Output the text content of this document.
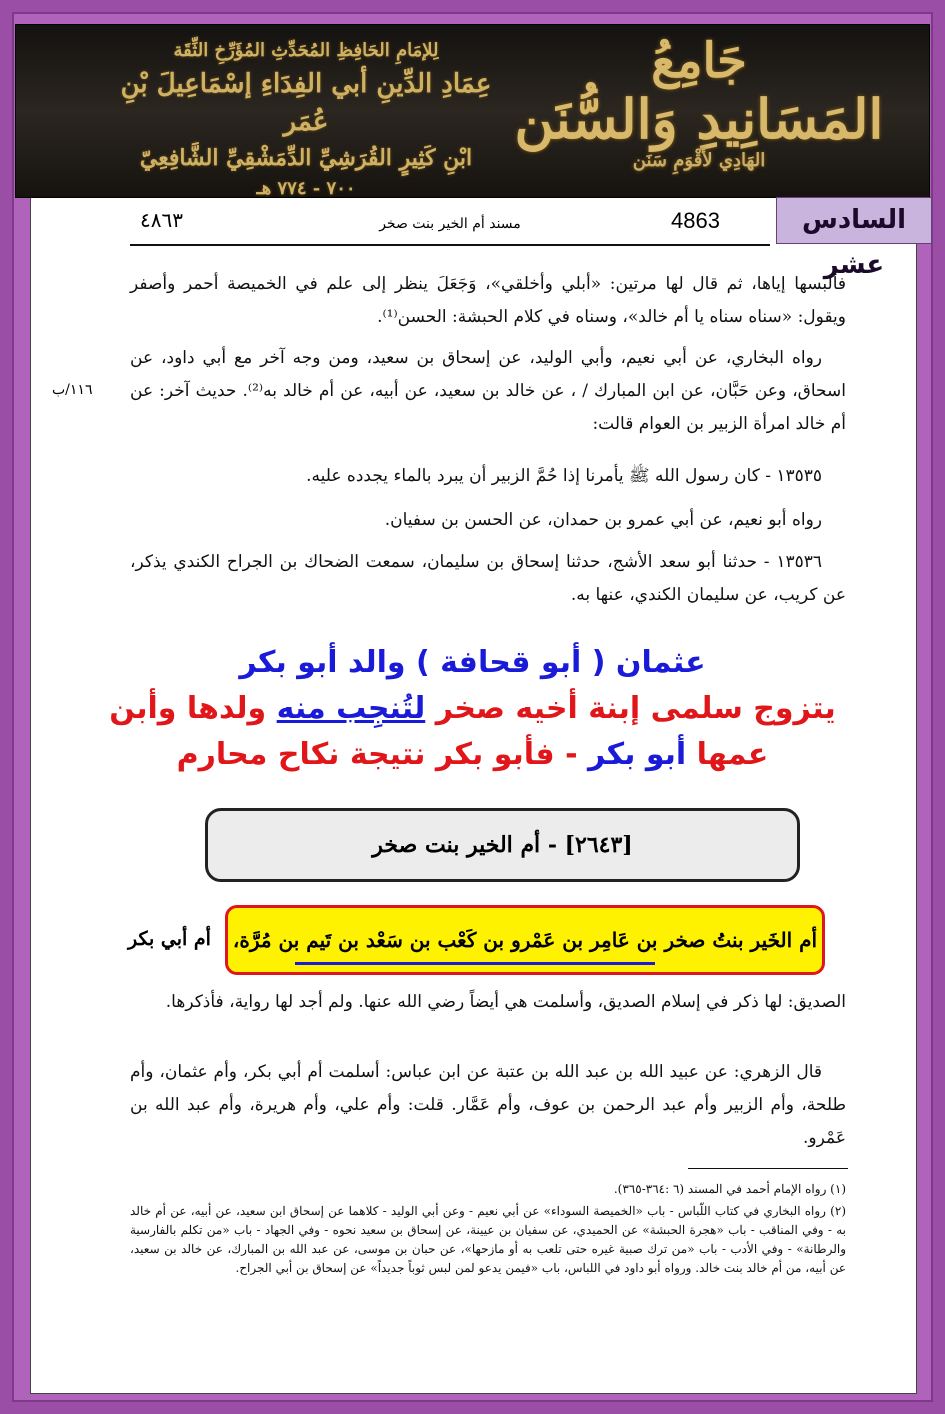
جَامِعُ
المَسَانِيدِ وَالسُّنَن
الهَادِي لأقْوَمِ سَنَن
لِلإمَامِ الحَافِظِ المُحَدِّثِ المُؤَرِّخِ الثِّقَة
عِمَادِ الدِّينِ أبي الفِدَاءِ إسْمَاعِيلَ بْنِ عُمَر
ابْنِ كَثِيرٍ القُرَشِيِّ الدِّمَشْقِيِّ الشَّافِعِيّ
٧٠٠ - ٧٧٤ هـ
السادس عشر
٤٨٦٣	مسند أم الخير بنت صخر	4863
١١٦/ب
فألبسها إياها، ثم قال لها مرتين: «أبلي وأخلقي»، وَجَعَلَ ينظر إلى علم في الخميصة أحمر وأصفر ويقول: «سناه سناه يا أم خالد»، وسناه في كلام الحبشة: الحسن⁽¹⁾.
رواه البخاري، عن أبي نعيم، وأبي الوليد، عن إسحاق بن سعيد، ومن وجه آخر مع أبي داود، عن اسحاق، وعن حَبَّان، عن ابن المبارك / ، عن خالد بن سعيد، عن أبيه، عن أم خالد به⁽²⁾. حديث آخر: عن أم خالد امرأة الزبير بن العوام قالت:
١٣٥٣٥ - كان رسول الله ﷺ يأمرنا إذا حُمَّ الزبير أن يبرد بالماء يجدده عليه.
رواه أبو نعيم، عن أبي عمرو بن حمدان، عن الحسن بن سفيان.
١٣٥٣٦ - حدثنا أبو سعد الأشج، حدثنا إسحاق بن سليمان، سمعت الضحاك بن الجراح الكندي يذكر، عن كريب، عن سليمان الكندي، عنها به.
عثمان ( أبو قحافة ) والد أبو بكر
يتزوج سلمى إبنة أخيه صخر لتُنجِب منه ولدها وأبن
عمها أبو بكر - فأبو بكر نتيجة نكاح محارم
[٢٦٤٣] - أم الخير بنت صخر
أم الخَير بنتُ صخر بن عَامِر بن عَمْرو بن كَعْب بن سَعْد بن تَيم بن مُرَّة،
أم أبي بكر
الصديق: لها ذكر في إسلام الصديق، وأسلمت هي أيضاً رضي الله عنها. ولم أجد لها رواية، فأذكرها.
قال الزهري: عن عبيد الله بن عبد الله بن عتبة عن ابن عباس: أسلمت أم أبي بكر، وأم عثمان، وأم طلحة، وأم الزبير وأم عبد الرحمن بن عوف، وأم عَمَّار. قلت: وأم علي، وأم هريرة، وأم عبد الله بن عَمْرو.
(١) رواه الإمام أحمد في المسند (٦ :٣٦٤-٣٦٥).
(٢) رواه البخاري في كتاب اللّباس - باب «الخميصة السوداء» عن أبي نعيم - وعن أبي الوليد - كلاهما عن إسحاق ابن سعيد، عن أبيه، عن أم خالد به - وفي المناقب - باب «هجرة الحبشة» عن الحميدي، عن سفيان بن عيينة، عن إسحاق بن سعيد نحوه - وفي الجهاد - باب «من تكلم بالفارسية والرطانة» - وفي الأدب - باب «من ترك صبية غيره حتى تلعب به أو مازحها»، عن حبان بن موسى، عن عبد الله بن المبارك، عن خالد بن سعيد، عن أبيه، من أم خالد بنت خالد. ورواه أبو داود في اللباس، باب «فيمن يدعو لمن لبس ثوباً جديداً» عن إسحاق بن أبي الجراح.
